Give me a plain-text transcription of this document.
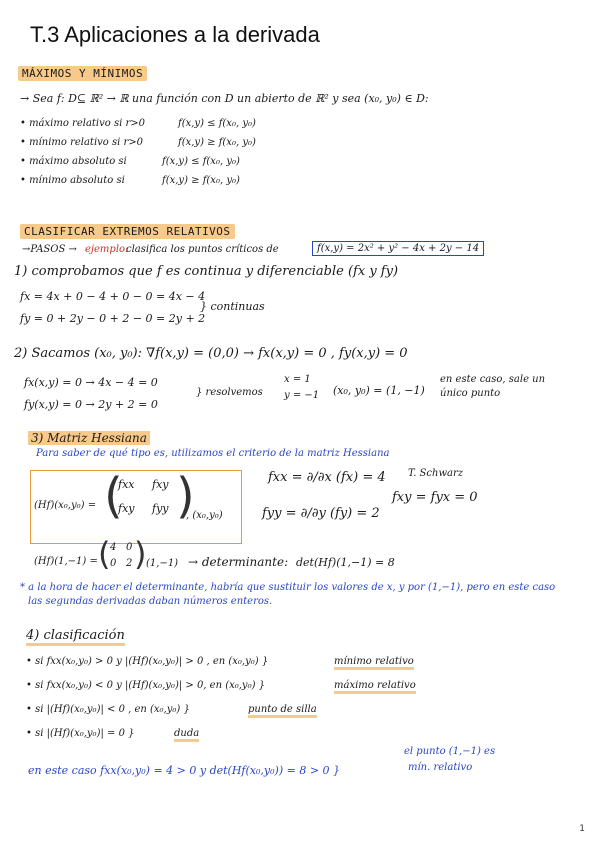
T.3 Aplicaciones a la derivada
MÁXIMOS Y MÍNIMOS
→ Sea f: D⊆ ℝ² → ℝ una función con D un abierto de ℝ² y sea (x₀, y₀) ∈ D:
• máximo relativo si r>0	f(x,y) ≤ f(x₀, y₀)
• mínimo relativo si r>0	f(x,y) ≥ f(x₀, y₀)
• máximo absoluto si	f(x,y) ≤ f(x₀, y₀)
• mínimo absoluto si	f(x,y) ≥ f(x₀, y₀)
CLASIFICAR EXTREMOS RELATIVOS
→PASOS → ejemplo:
clasifica los puntos críticos de	f(x,y) = 2x² + y² − 4x + 2y − 14
1) comprobamos que f es continua y diferenciable (fx y fy)
fx = 4x + 0 − 4 + 0 − 0 = 4x − 4
fy = 0 + 2y − 0 + 2 − 0 = 2y + 2
} continuas
2) Sacamos (x₀, y₀): ∇f(x,y) = (0,0) → fx(x,y) = 0 , fy(x,y) = 0
fx(x,y) = 0 → 4x − 4 = 0
fy(x,y) = 0 → 2y + 2 = 0
} resolvemos
x = 1
y = −1 (x₀, y₀) = (1, −1)
en este caso, sale un
único punto
3) Matriz Hessiana
Para saber de qué tipo es, utilizamos el criterio de la matriz Hessiana
(Hf)(x₀,y₀) = (
fxx fxy
fxy fyy )
, (x₀,y₀)
fxx = ∂/∂x (fx) = 4
fyy = ∂/∂y (fy) = 2
T. Schwarz
fxy = fyx = 0
(Hf)(1,−1) = ( 4 0
0 2 ) (1,−1) → determinante: det(Hf)(1,−1) = 8
* a la hora de hacer el determinante, habría que sustituir los valores de x, y por (1,−1), pero en este caso
las segundas derivadas daban números enteros.
4) clasificación
• si fxx(x₀,y₀) > 0 y |(Hf)(x₀,y₀)| > 0 , en (x₀,y₀) }	mínimo relativo
• si fxx(x₀,y₀) < 0 y |(Hf)(x₀,y₀)| > 0, en (x₀,y₀) }	máximo relativo
• si |(Hf)(x₀,y₀)| < 0 , en (x₀,y₀) }	punto de silla
• si |(Hf)(x₀,y₀)| = 0 }	duda
el punto (1,−1) es
en este caso fxx(x₀,y₀) = 4 > 0 y det(Hf(x₀,y₀)) = 8 > 0 }	mín. relativo
1
